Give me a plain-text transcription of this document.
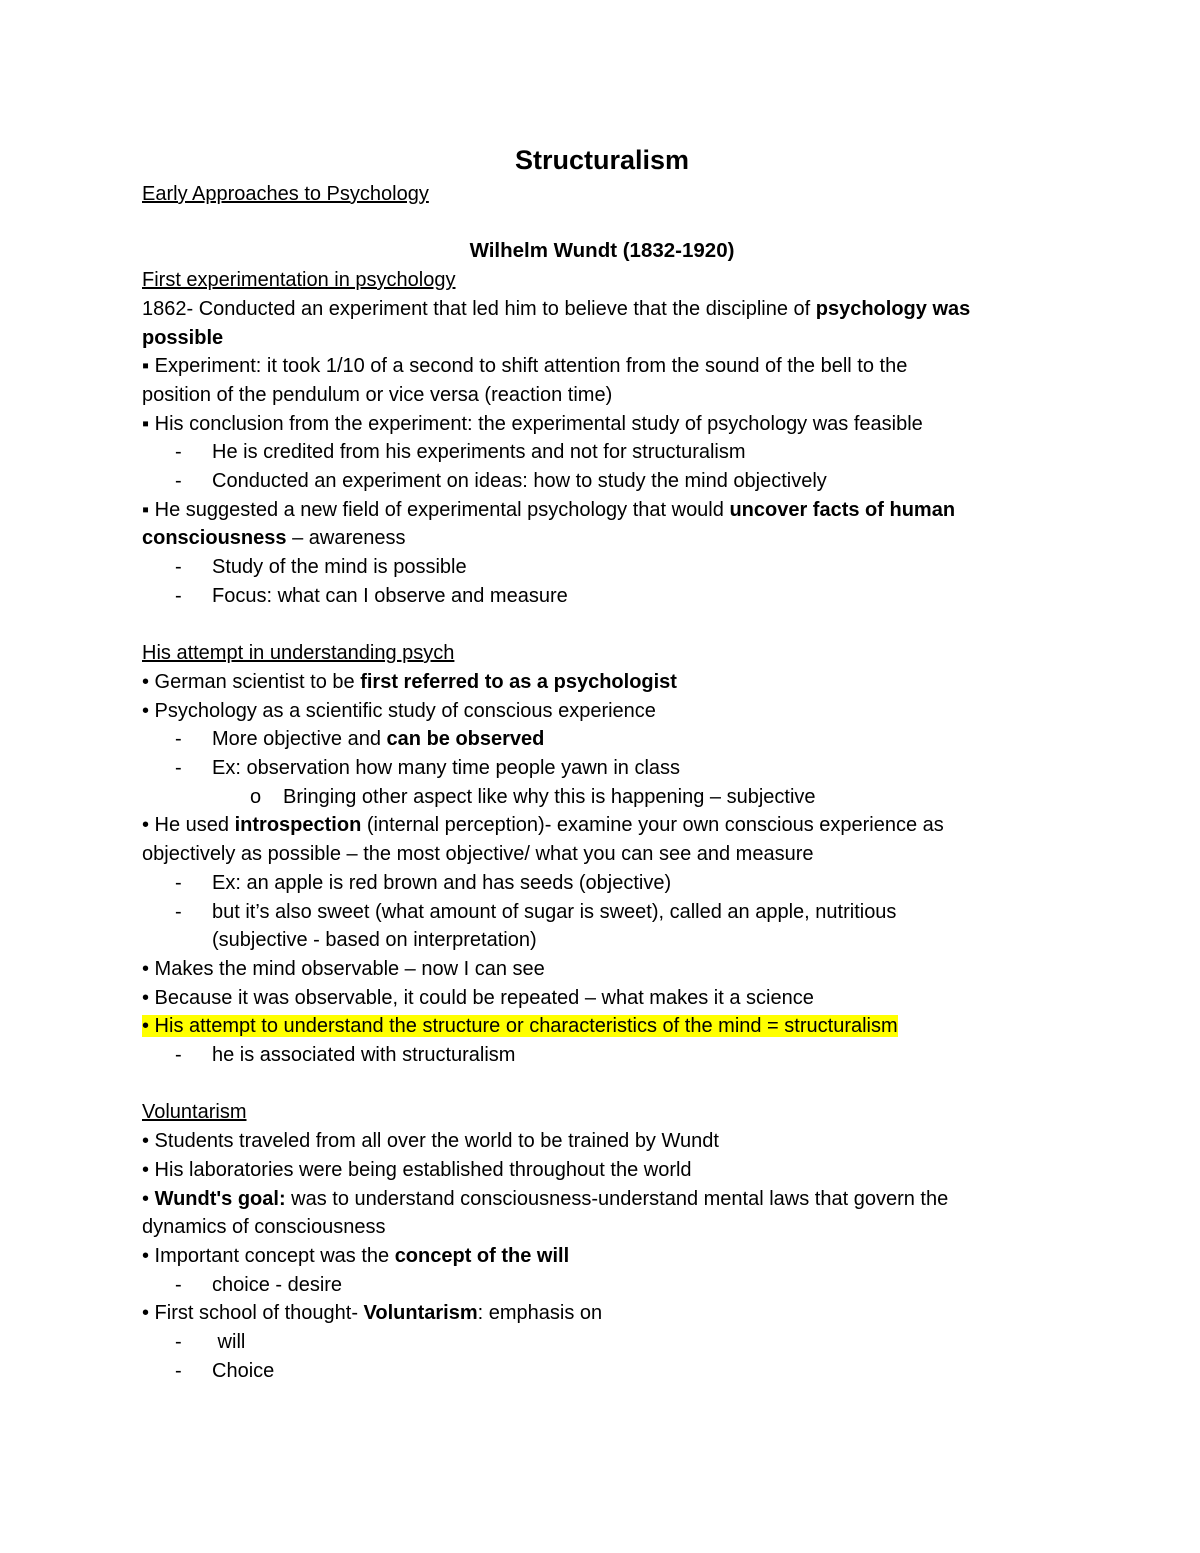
Structuralism
Early Approaches to Psychology
Wilhelm Wundt (1832-1920)
First experimentation in psychology
1862- Conducted an experiment that led him to believe that the discipline of psychology was
possible
▪ Experiment: it took 1/10 of a second to shift attention from the sound of the bell to the
position of the pendulum or vice versa (reaction time)
▪ His conclusion from the experiment: the experimental study of psychology was feasible
- He is credited from his experiments and not for structuralism
- Conducted an experiment on ideas: how to study the mind objectively
▪ He suggested a new field of experimental psychology that would uncover facts of human
consciousness – awareness
- Study of the mind is possible
- Focus: what can I observe and measure
His attempt in understanding psych
• German scientist to be first referred to as a psychologist
• Psychology as a scientific study of conscious experience
- More objective and can be observed
- Ex: observation how many time people yawn in class
o Bringing other aspect like why this is happening – subjective
• He used introspection (internal perception)- examine your own conscious experience as
objectively as possible – the most objective/ what you can see and measure
- Ex: an apple is red brown and has seeds (objective)
- but it’s also sweet (what amount of sugar is sweet), called an apple, nutritious
(subjective - based on interpretation)
• Makes the mind observable – now I can see
• Because it was observable, it could be repeated – what makes it a science
• His attempt to understand the structure or characteristics of the mind = structuralism
- he is associated with structuralism
Voluntarism
• Students traveled from all over the world to be trained by Wundt
• His laboratories were being established throughout the world
• Wundt's goal: was to understand consciousness-understand mental laws that govern the
dynamics of consciousness
• Important concept was the concept of the will
- choice - desire
• First school of thought- Voluntarism: emphasis on
- will
- Choice
